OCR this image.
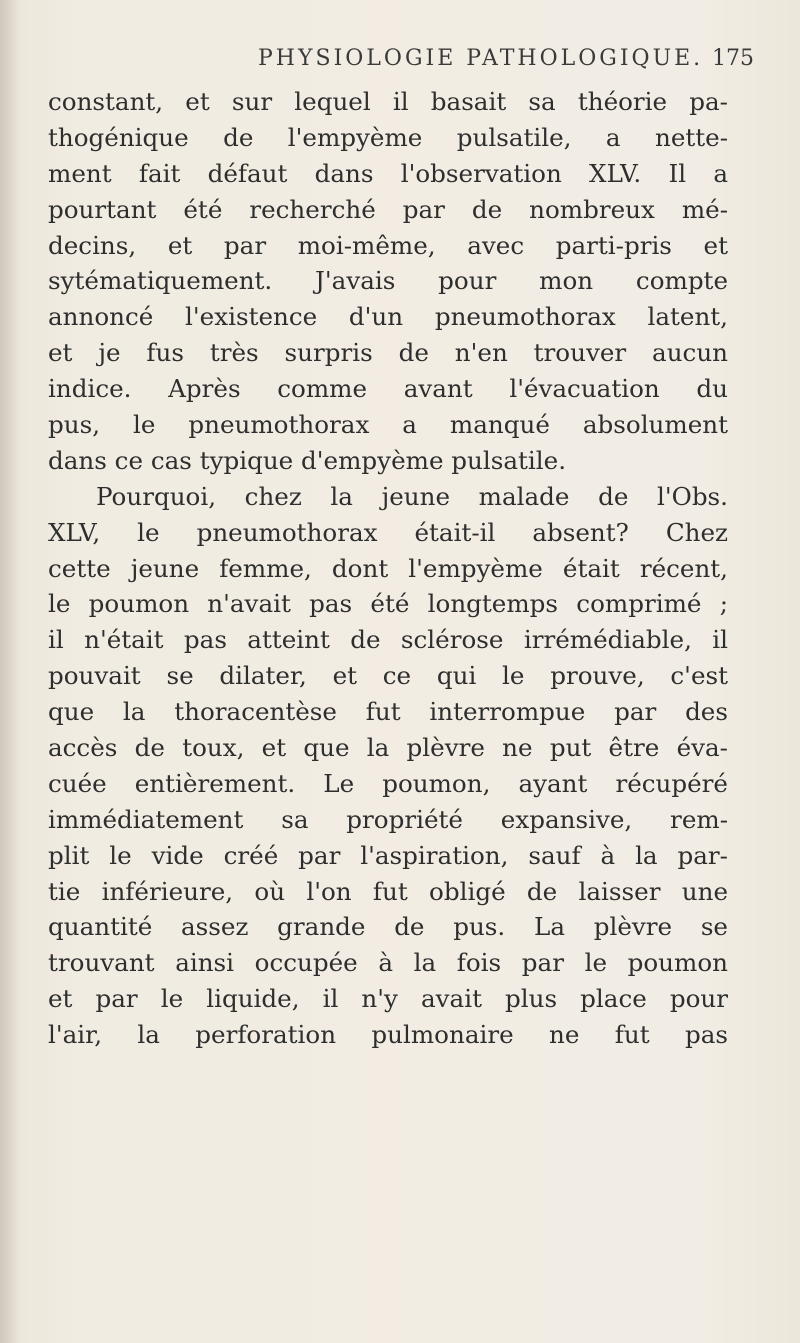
PHYSIOLOGIE PATHOLOGIQUE. 175
constant, et sur lequel il basait sa théorie pa-
thogénique de l'empyème pulsatile, a nette-
ment fait défaut dans l'observation XLV. Il a
pourtant été recherché par de nombreux mé-
decins, et par moi-même, avec parti-pris et
sytématiquement. J'avais pour mon compte
annoncé l'existence d'un pneumothorax latent,
et je fus très surpris de n'en trouver aucun
indice. Après comme avant l'évacuation du
pus, le pneumothorax a manqué absolument
dans ce cas typique d'empyème pulsatile.
Pourquoi, chez la jeune malade de l'Obs.
XLV, le pneumothorax était-il absent? Chez
cette jeune femme, dont l'empyème était récent,
le poumon n'avait pas été longtemps comprimé ;
il n'était pas atteint de sclérose irrémédiable, il
pouvait se dilater, et ce qui le prouve, c'est
que la thoracentèse fut interrompue par des
accès de toux, et que la plèvre ne put être éva-
cuée entièrement. Le poumon, ayant récupéré
immédiatement sa propriété expansive, rem-
plit le vide créé par l'aspiration, sauf à la par-
tie inférieure, où l'on fut obligé de laisser une
quantité assez grande de pus. La plèvre se
trouvant ainsi occupée à la fois par le poumon
et par le liquide, il n'y avait plus place pour
l'air, la perforation pulmonaire ne fut pas
